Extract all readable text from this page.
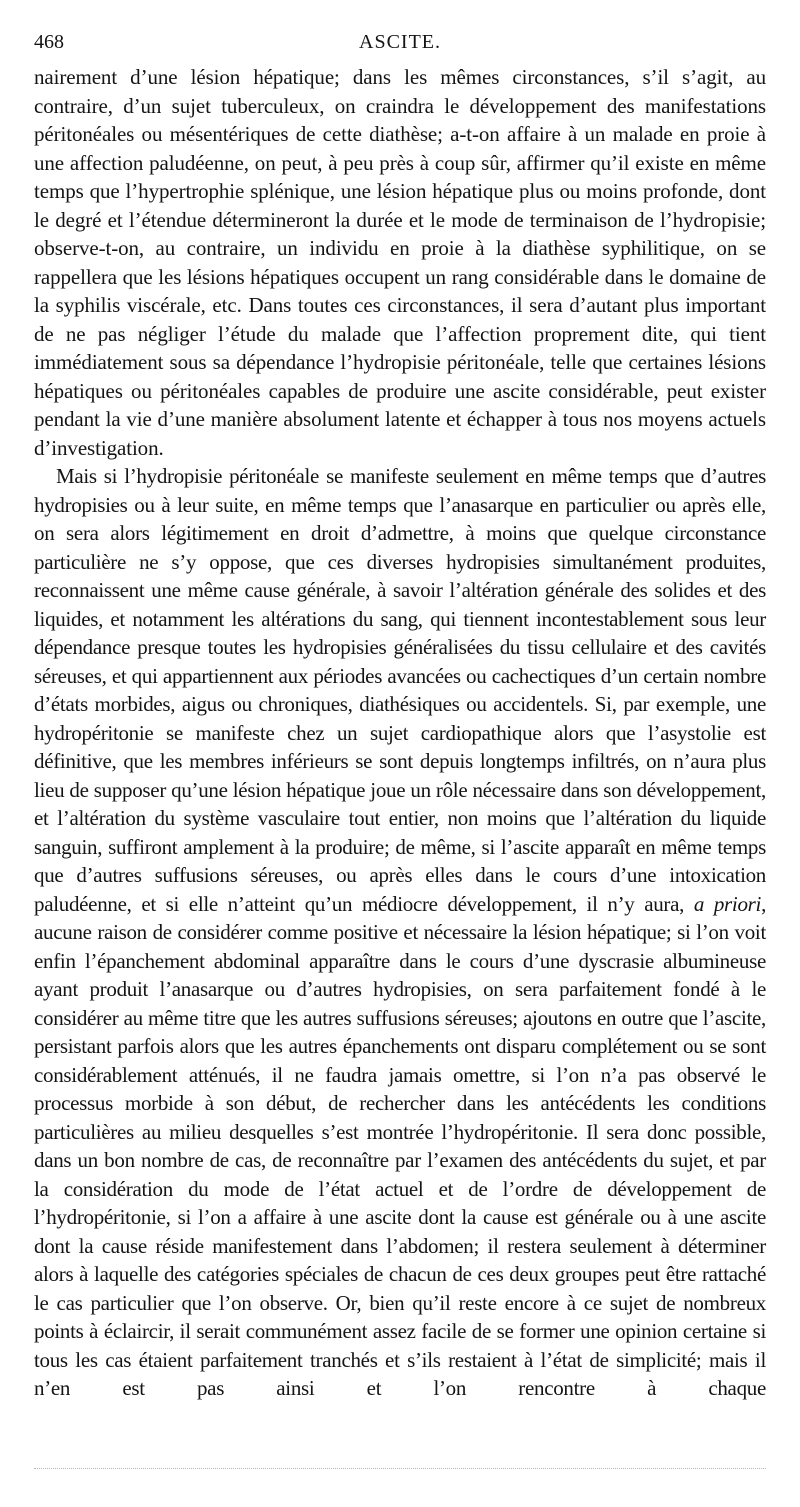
468	ASCITE.

nairement d’une lésion hépatique; dans les mêmes circonstances, s’il s’agit, au contraire, d’un sujet tuberculeux, on craindra le développement des manifestations péritonéales ou mésentériques de cette diathèse; a-t-on affaire à un malade en proie à une affection paludéenne, on peut, à peu près à coup sûr, affirmer qu’il existe en même temps que l’hypertrophie splénique, une lésion hépatique plus ou moins profonde, dont le degré et l’étendue détermineront la durée et le mode de terminaison de l’hydropisie; observe-t-on, au contraire, un individu en proie à la diathèse syphilitique, on se rappellera que les lésions hépatiques occupent un rang considérable dans le domaine de la syphilis viscérale, etc. Dans toutes ces circonstances, il sera d’autant plus important de ne pas négliger l’étude du malade que l’affection proprement dite, qui tient immédiatement sous sa dépendance l’hydropisie péritonéale, telle que certaines lésions hépatiques ou péritonéales capables de produire une ascite considérable, peut exister pendant la vie d’une manière absolument latente et échapper à tous nos moyens actuels d’investigation.

Mais si l’hydropisie péritonéale se manifeste seulement en même temps que d’autres hydropisies ou à leur suite, en même temps que l’anasarque en particulier ou après elle, on sera alors légitimement en droit d’admettre, à moins que quelque circonstance particulière ne s’y oppose, que ces diverses hydropisies simultanément produites, reconnaissent une même cause générale, à savoir l’altération générale des solides et des liquides, et notamment les altérations du sang, qui tiennent incontestablement sous leur dépendance presque toutes les hydropisies généralisées du tissu cellulaire et des cavités séreuses, et qui appartiennent aux périodes avancées ou cachectiques d’un certain nombre d’états morbides, aigus ou chroniques, diathésiques ou accidentels. Si, par exemple, une hydropéritonie se manifeste chez un sujet cardiopathique alors que l’asystolie est définitive, que les membres inférieurs se sont depuis longtemps infiltrés, on n’aura plus lieu de supposer qu’une lésion hépatique joue un rôle nécessaire dans son développement, et l’altération du système vasculaire tout entier, non moins que l’altération du liquide sanguin, suffiront amplement à la produire; de même, si l’ascite apparaît en même temps que d’autres suffusions séreuses, ou après elles dans le cours d’une intoxication paludéenne, et si elle n’atteint qu’un médiocre développement, il n’y aura, a priori, aucune raison de considérer comme positive et nécessaire la lésion hépatique; si l’on voit enfin l’épanchement abdominal apparaître dans le cours d’une dyscrasie albumineuse ayant produit l’anasarque ou d’autres hydropisies, on sera parfaitement fondé à le considérer au même titre que les autres suffusions séreuses; ajoutons en outre que l’ascite, persistant parfois alors que les autres épanchements ont disparu complétement ou se sont considérablement atténués, il ne faudra jamais omettre, si l’on n’a pas observé le processus morbide à son début, de rechercher dans les antécédents les conditions particulières au milieu desquelles s’est montrée l’hydropéritonie. Il sera donc possible, dans un bon nombre de cas, de reconnaître par l’examen des antécédents du sujet, et par la considération du mode de l’état actuel et de l’ordre de développement de l’hydropéritonie, si l’on a affaire à une ascite dont la cause est générale ou à une ascite dont la cause réside manifestement dans l’abdomen; il restera seulement à déterminer alors à laquelle des catégories spéciales de chacun de ces deux groupes peut être rattaché le cas particulier que l’on observe. Or, bien qu’il reste encore à ce sujet de nombreux points à éclaircir, il serait communément assez facile de se former une opinion certaine si tous les cas étaient parfaitement tranchés et s’ils restaient à l’état de simplicité; mais il n’en est pas ainsi et l’on rencontre à chaque
